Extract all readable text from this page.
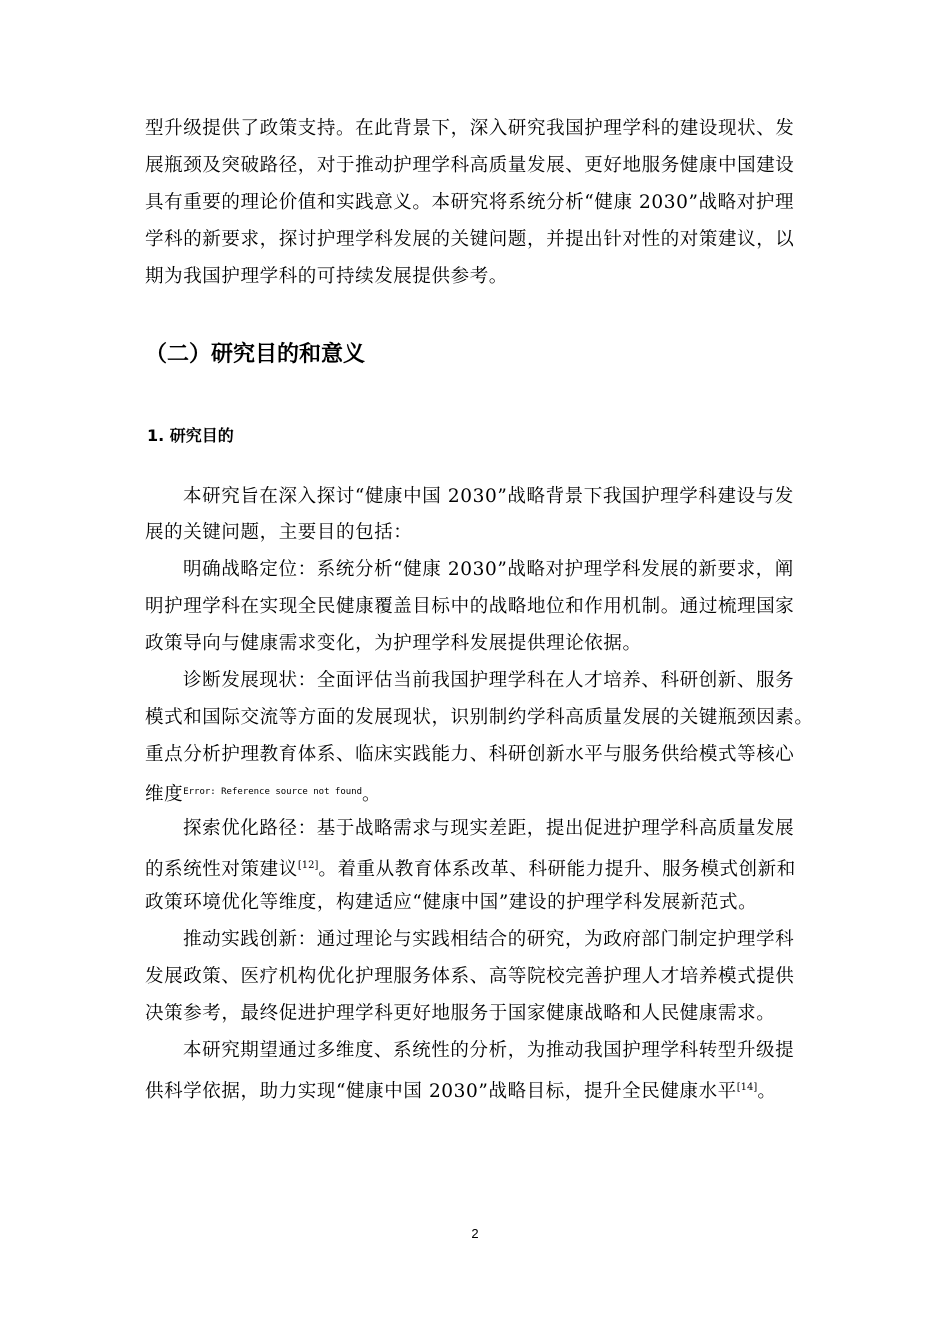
型升级提供了政策支持。在此背景下，深入研究我国护理学科的建设现状、发
展瓶颈及突破路径，对于推动护理学科高质量发展、更好地服务健康中国建设
具有重要的理论价值和实践意义。本研究将系统分析“健康 2030”战略对护理
学科的新要求，探讨护理学科发展的关键问题，并提出针对性的对策建议，以
期为我国护理学科的可持续发展提供参考。
（二）研究目的和意义
1. 研究目的
本研究旨在深入探讨“健康中国 2030”战略背景下我国护理学科建设与发
展的关键问题，主要目的包括：
明确战略定位：系统分析“健康 2030”战略对护理学科发展的新要求，阐
明护理学科在实现全民健康覆盖目标中的战略地位和作用机制。通过梳理国家
政策导向与健康需求变化，为护理学科发展提供理论依据。
诊断发展现状：全面评估当前我国护理学科在人才培养、科研创新、服务
模式和国际交流等方面的发展现状，识别制约学科高质量发展的关键瓶颈因素。
重点分析护理教育体系、临床实践能力、科研创新水平与服务供给模式等核心
维度$^{Error: Reference source not found}$。
探索优化路径：基于战略需求与现实差距，提出促进护理学科高质量发展
的系统性对策建议[12]。着重从教育体系改革、科研能力提升、服务模式创新和
政策环境优化等维度，构建适应“健康中国”建设的护理学科发展新范式。
推动实践创新：通过理论与实践相结合的研究，为政府部门制定护理学科
发展政策、医疗机构优化护理服务体系、高等院校完善护理人才培养模式提供
决策参考，最终促进护理学科更好地服务于国家健康战略和人民健康需求。
本研究期望通过多维度、系统性的分析，为推动我国护理学科转型升级提
供科学依据，助力实现“健康中国 2030”战略目标，提升全民健康水平[14]。
2
